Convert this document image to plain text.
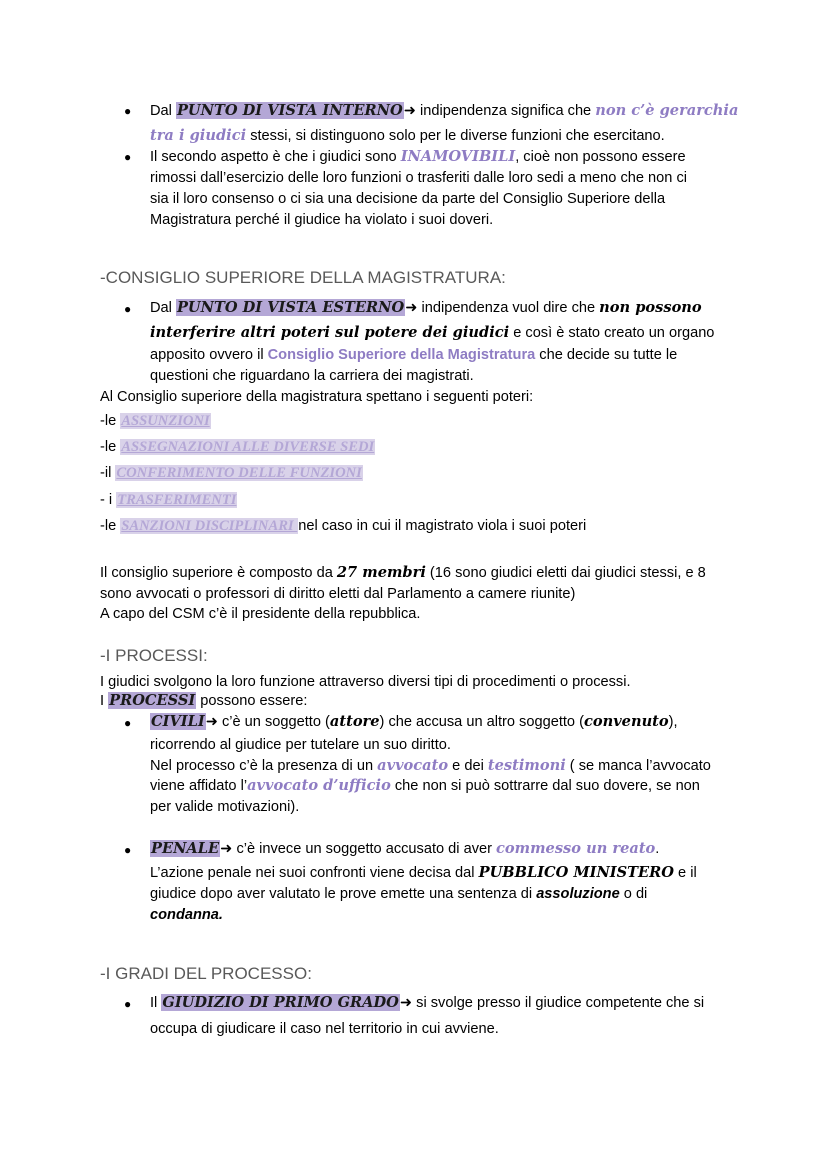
● Dal PUNTO DI VISTA INTERNO➜ indipendenza significa che non c’è gerarchia
tra i giudici stessi, si distinguono solo per le diverse funzioni che esercitano.
● Il secondo aspetto è che i giudici sono INAMOVIBILI, cioè non possono essere
rimossi dall’esercizio delle loro funzioni o trasferiti dalle loro sedi a meno che non ci
sia il loro consenso o ci sia una decisione da parte del Consiglio Superiore della
Magistratura perché il giudice ha violato i suoi doveri.
-CONSIGLIO SUPERIORE DELLA MAGISTRATURA:
● Dal PUNTO DI VISTA ESTERNO➜ indipendenza vuol dire che non possono
interferire altri poteri sul potere dei giudici e così è stato creato un organo
apposito ovvero il Consiglio Superiore della Magistratura che decide su tutte le
questioni che riguardano la carriera dei magistrati.
Al Consiglio superiore della magistratura spettano i seguenti poteri:
-le ASSUNZIONI
-le ASSEGNAZIONI ALLE DIVERSE SEDI
-il CONFERIMENTO DELLE FUNZIONI
- i TRASFERIMENTI
-le SANZIONI DISCIPLINARI nel caso in cui il magistrato viola i suoi poteri
Il consiglio superiore è composto da 27 membri (16 sono giudici eletti dai giudici stessi, e 8
sono avvocati o professori di diritto eletti dal Parlamento a camere riunite)
A capo del CSM c’è il presidente della repubblica.
-I PROCESSI:
I giudici svolgono la loro funzione attraverso diversi tipi di procedimenti o processi.
I PROCESSI possono essere:
● CIVILI➜ c’è un soggetto (attore) che accusa un altro soggetto (convenuto),
ricorrendo al giudice per tutelare un suo diritto.
Nel processo c’è la presenza di un avvocato e dei testimoni ( se manca l’avvocato
viene affidato l’avvocato d’ufficio che non si può sottrarre dal suo dovere, se non
per valide motivazioni).
● PENALE➜ c’è invece un soggetto accusato di aver commesso un reato.
L’azione penale nei suoi confronti viene decisa dal PUBBLICO MINISTERO e il
giudice dopo aver valutato le prove emette una sentenza di assoluzione o di
condanna.
-I GRADI DEL PROCESSO:
● Il GIUDIZIO DI PRIMO GRADO➜ si svolge presso il giudice competente che si
occupa di giudicare il caso nel territorio in cui avviene.
